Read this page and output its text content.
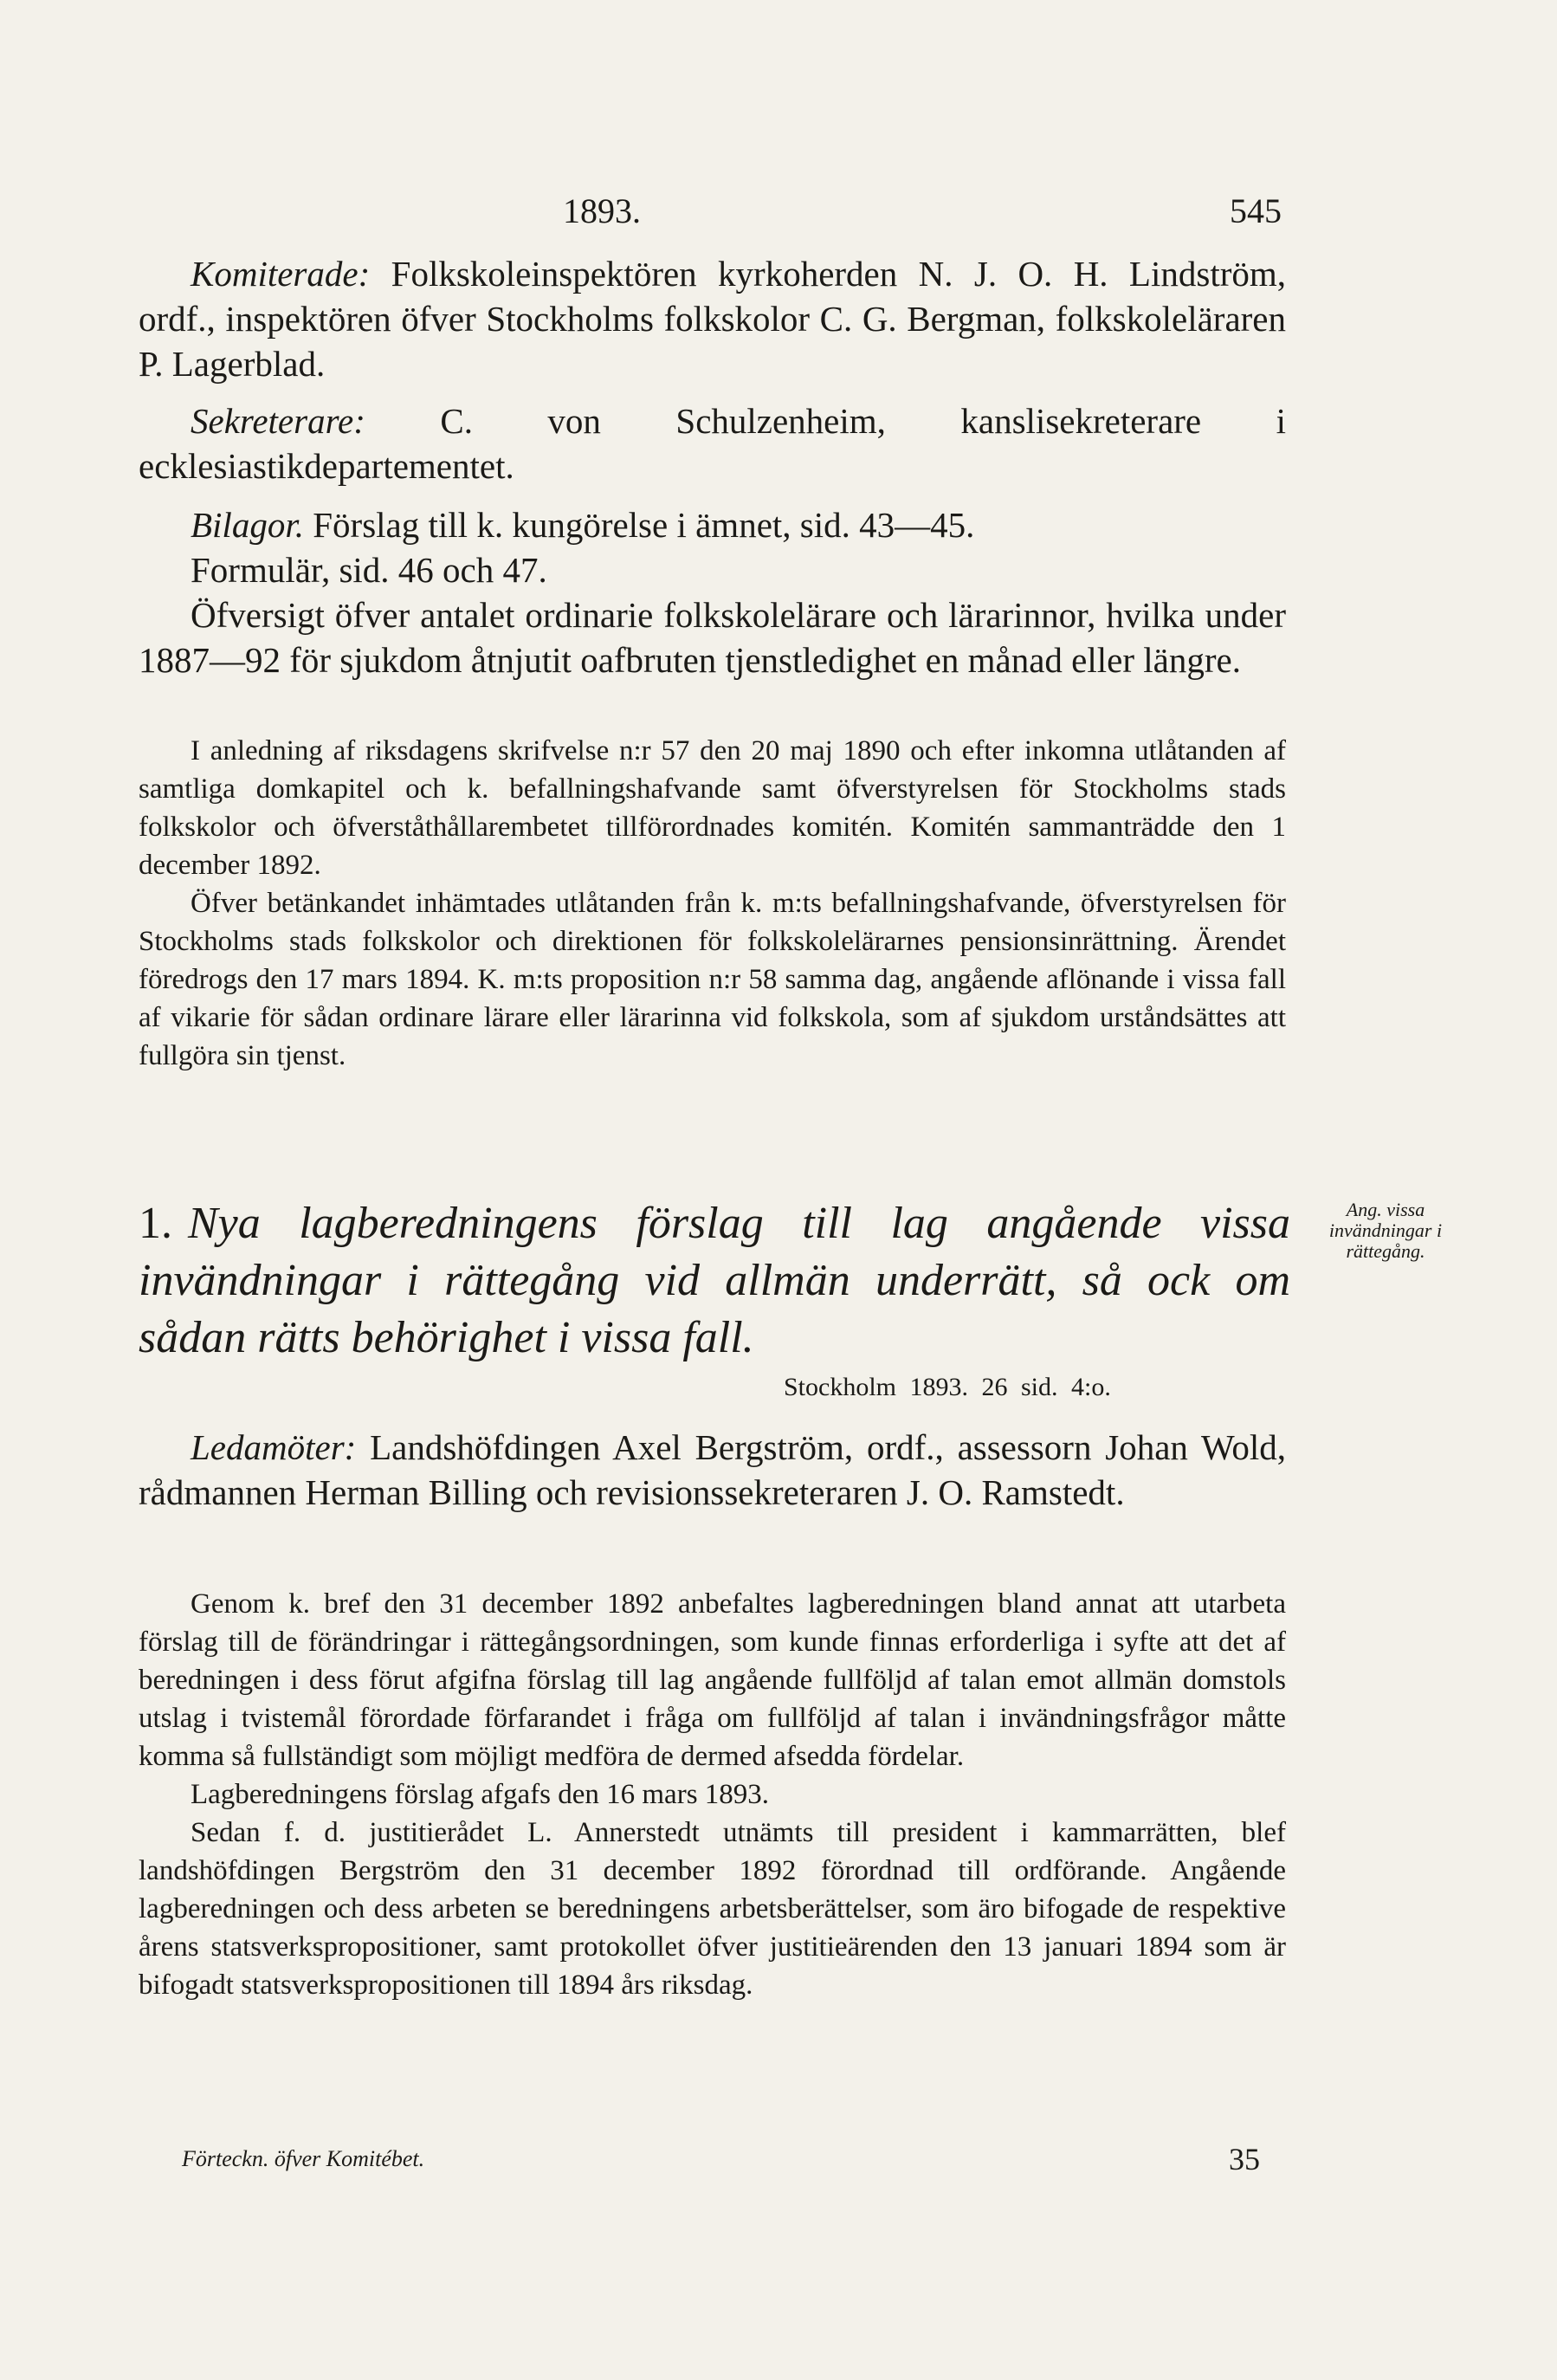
1893.	545

Komiterade: Folkskoleinspektören kyrkoherden N. J. O. H. Lindström, ordf., inspektören öfver Stockholms folkskolor C. G. Bergman, folkskoleläraren P. Lagerblad.

Sekreterare: C. von Schulzenheim, kanslisekreterare i ecklesiastikdepartementet.

Bilagor. Förslag till k. kungörelse i ämnet, sid. 43—45.

Formulär, sid. 46 och 47.

Öfversigt öfver antalet ordinarie folkskolelärare och lärarinnor, hvilka under 1887—92 för sjukdom åtnjutit oafbruten tjenstledighet en månad eller längre.

I anledning af riksdagens skrifvelse n:r 57 den 20 maj 1890 och efter inkomna utlåtanden af samtliga domkapitel och k. befallningshafvande samt öfverstyrelsen för Stockholms stads folkskolor och öfverståthållarembetet tillförordnades komitén. Komitén sammanträdde den 1 december 1892.

Öfver betänkandet inhämtades utlåtanden från k. m:ts befallningshafvande, öfverstyrelsen för Stockholms stads folkskolor och direktionen för folkskolelärarnes pensionsinrättning. Ärendet föredrogs den 17 mars 1894. K. m:ts proposition n:r 58 samma dag, angående aflönande i vissa fall af vikarie för sådan ordinare lärare eller lärarinna vid folkskola, som af sjukdom urståndsättes att fullgöra sin tjenst.

1. Nya lagberedningens förslag till lag angående vissa invändningar i rättegång vid allmän underrätt, så ock om sådan rätts behörighet i vissa fall.
Ang. vissa invändningar i rättegång.
Stockholm 1893. 26 sid. 4:o.

Ledamöter: Landshöfdingen Axel Bergström, ordf., assessorn Johan Wold, rådmannen Herman Billing och revisionssekreteraren J. O. Ramstedt.

Genom k. bref den 31 december 1892 anbefaltes lagberedningen bland annat att utarbeta förslag till de förändringar i rättegångsordningen, som kunde finnas erforderliga i syfte att det af beredningen i dess förut afgifna förslag till lag angående fullföljd af talan emot allmän domstols utslag i tvistemål förordade förfarandet i fråga om fullföljd af talan i invändningsfrågor måtte komma så fullständigt som möjligt medföra de dermed afsedda fördelar.

Lagberedningens förslag afgafs den 16 mars 1893.

Sedan f. d. justitierådet L. Annerstedt utnämts till president i kammarrätten, blef landshöfdingen Bergström den 31 december 1892 förordnad till ordförande. Angående lagberedningen och dess arbeten se beredningens arbetsberättelser, som äro bifogade de respektive årens statsverkspropositioner, samt protokollet öfver justitieärenden den 13 januari 1894 som är bifogadt statsverkspropositionen till 1894 års riksdag.

Förteckn. öfver Komitébet.	35
